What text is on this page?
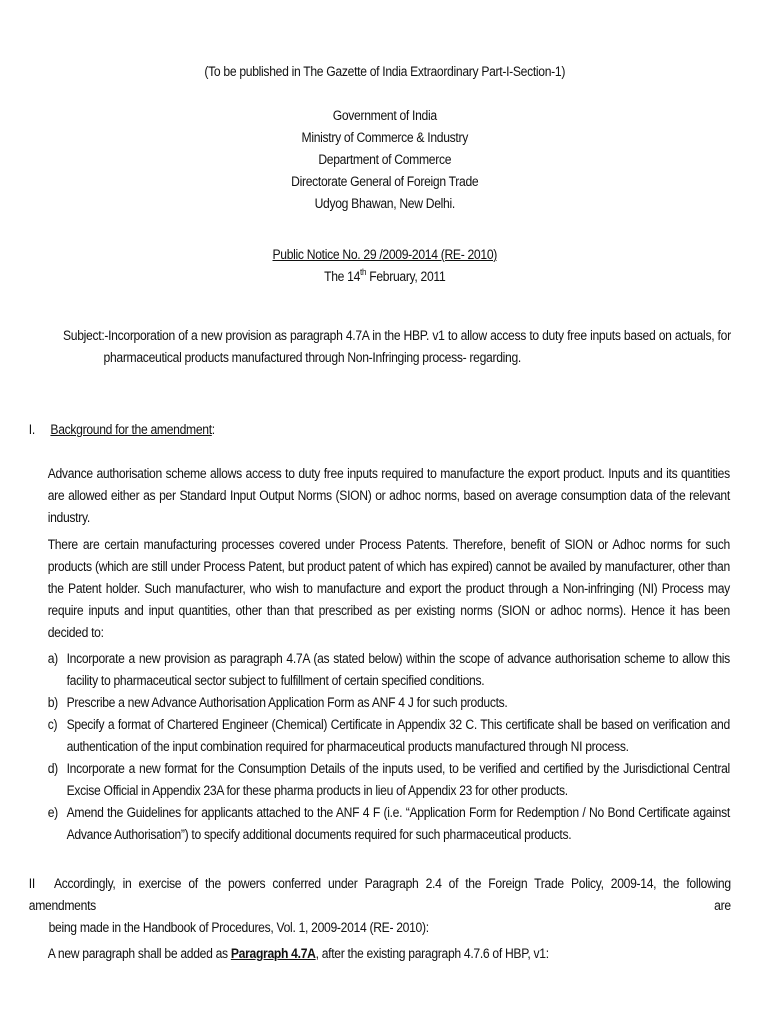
(To be published in The Gazette of India Extraordinary Part-I-Section-1)
Government of India
Ministry of Commerce & Industry
Department of Commerce
Directorate General of Foreign Trade
Udyog Bhawan, New Delhi.
Public Notice No. 29 /2009-2014 (RE- 2010)
The 14th February, 2011
Subject:-Incorporation of a new provision as paragraph 4.7A in the HBP. v1 to allow access to duty free inputs based on actuals, for
pharmaceutical products manufactured through Non-Infringing process- regarding.
I. Background for the amendment:
Advance authorisation scheme allows access to duty free inputs required to manufacture the export product. Inputs and its quantities are allowed either as per Standard Input Output Norms (SION) or adhoc norms, based on average consumption data of the relevant industry.
There are certain manufacturing processes covered under Process Patents. Therefore, benefit of SION or Adhoc norms for such products (which are still under Process Patent, but product patent of which has expired) cannot be availed by manufacturer, other than the Patent holder. Such manufacturer, who wish to manufacture and export the product through a Non-infringing (NI) Process may require inputs and input quantities, other than that prescribed as per existing norms (SION or adhoc norms). Hence it has been decided to:
a) Incorporate a new provision as paragraph 4.7A (as stated below) within the scope of advance authorisation scheme to allow this facility to pharmaceutical sector subject to fulfillment of certain specified conditions.
b) Prescribe a new Advance Authorisation Application Form as ANF 4 J for such products.
c) Specify a format of Chartered Engineer (Chemical) Certificate in Appendix 32 C. This certificate shall be based on verification and authentication of the input combination required for pharmaceutical products manufactured through NI process.
d) Incorporate a new format for the Consumption Details of the inputs used, to be verified and certified by the Jurisdictional Central Excise Official in Appendix 23A for these pharma products in lieu of Appendix 23 for other products.
e) Amend the Guidelines for applicants attached to the ANF 4 F (i.e. “Application Form for Redemption / No Bond Certificate against Advance Authorisation”) to specify additional documents required for such pharmaceutical products.
II Accordingly, in exercise of the powers conferred under Paragraph 2.4 of the Foreign Trade Policy, 2009-14, the following amendments are
being made in the Handbook of Procedures, Vol. 1, 2009-2014 (RE- 2010):
A new paragraph shall be added as Paragraph 4.7A, after the existing paragraph 4.7.6 of HBP, v1:
